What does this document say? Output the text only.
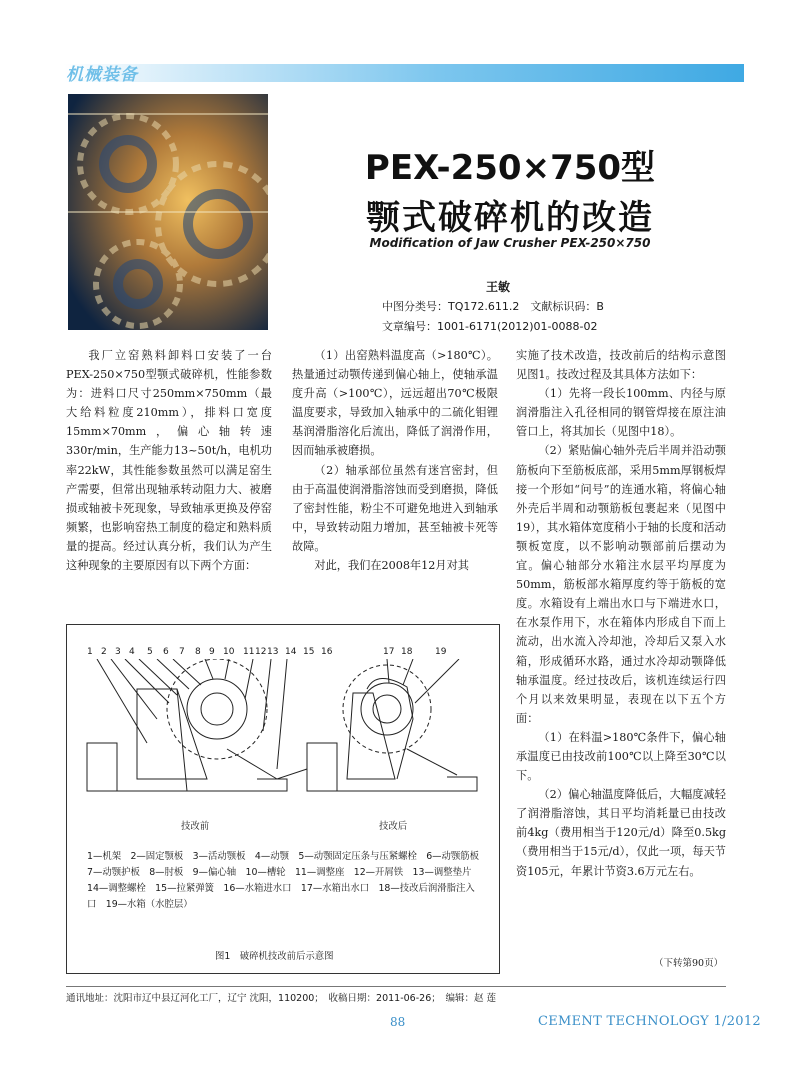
机械装备
PEX-250×750型
颚式破碎机的改造
Modification of Jaw Crusher PEX-250×750
王敏
中图分类号：TQ172.611.2　文献标识码：B
文章编号：1001-6171(2012)01-0088-02

我厂立窑熟料卸料口安装了一台PEX-250×750型颚式破碎机，性能参数为：进料口尺寸250mm×750mm（最大给料粒度210mm），排料口宽度15mm×70mm，偏心轴转速330r/min，生产能力13~50t/h，电机功率22kW，其性能参数虽然可以满足窑生产需要，但常出现轴承转动阻力大、被磨损或轴被卡死现象，导致轴承更换及停窑频繁，也影响窑热工制度的稳定和熟料质量的提高。经过认真分析，我们认为产生这种现象的主要原因有以下两个方面：

（1）出窑熟料温度高（>180℃）。热量通过动颚传递到偏心轴上，使轴承温度升高（>100℃），远远超出70℃极限温度要求，导致加入轴承中的二硫化钼锂基润滑脂溶化后流出，降低了润滑作用，因而轴承被磨损。

（2）轴承部位虽然有迷宫密封，但由于高温使润滑脂溶蚀而受到磨损，降低了密封性能，粉尘不可避免地进入到轴承中，导致转动阻力增加，甚至轴被卡死等故障。

对此，我们在2008年12月对其

实施了技术改造，技改前后的结构示意图见图1。技改过程及其具体方法如下：

（1）先将一段长100mm、内径与原润滑脂注入孔径相同的钢管焊接在原注油管口上，将其加长（见图中18）。

（2）紧贴偏心轴外壳后半周并沿动颚筋板向下至筋板底部，采用5mm厚钢板焊接一个形如“问号”的连通水箱，将偏心轴外壳后半周和动颚筋板包裹起来（见图中19），其水箱体宽度稍小于轴的长度和活动颚板宽度，以不影响动颚部前后摆动为宜。偏心轴部分水箱注水层平均厚度为50mm，筋板部水箱厚度约等于筋板的宽度。水箱设有上端出水口与下端进水口，在水泵作用下，水在箱体内形成自下而上流动，出水流入冷却池，冷却后又泵入水箱，形成循环水路，通过水冷却动颚降低轴承温度。经过技改后，该机连续运行四个月以来效果明显，表现在以下五个方面：

（1）在料温>180℃条件下，偏心轴承温度已由技改前100℃以上降至30℃以下。

（2）偏心轴温度降低后，大幅度减轻了润滑脂溶蚀，其日平均消耗量已由技改前4kg（费用相当于120元/d）降至0.5kg（费用相当于15元/d），仅此一项，每天节资105元，年累计节资3.6万元左右。

（下转第90页）
1 2 3 4 5 6 7 8 9 10 11 12 13 14 15 16	17 18	19
技改前	技改后
1—机架　2—固定颚板　3—活动颚板　4—动颚　5—动颚固定压条与压紧螺栓　6—动颚筋板　7—动颚护板　8—肘板　9—偏心轴　10—槽轮　11—调整座　12—开屑铁　13—调整垫片　14—调整螺栓　15—拉紧弹簧　16—水箱进水口　17—水箱出水口　18—技改后润滑脂注入口　19—水箱（水腔层）
图1　破碎机技改前后示意图
通讯地址：沈阳市辽中县辽河化工厂，辽宁 沈阳，110200；　收稿日期：2011-06-26；　编辑：赵 莲
88	CEMENT TECHNOLOGY 1/2012
